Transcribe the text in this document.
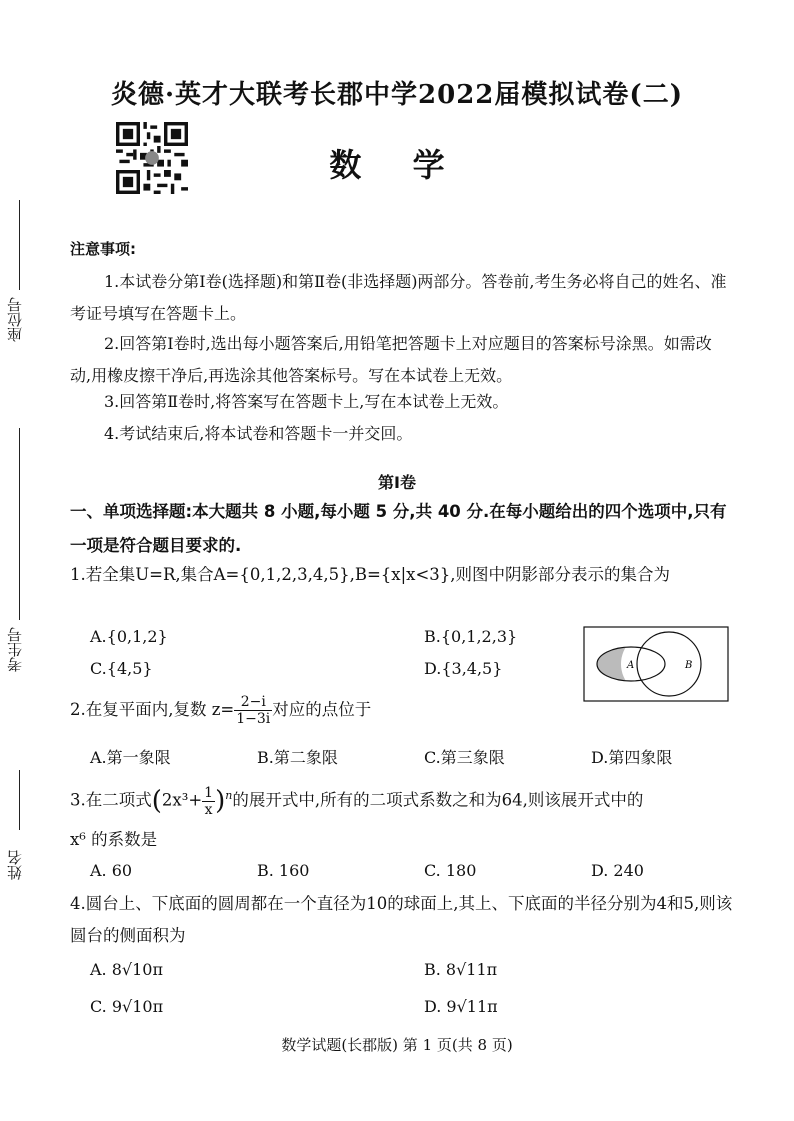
炎德·英才大联考长郡中学2022届模拟试卷(二)
数 学
座位号
考生号
姓名
注意事项:
1.本试卷分第Ⅰ卷(选择题)和第Ⅱ卷(非选择题)两部分。答卷前,考生务必将自己的姓名、准考证号填写在答题卡上。
2.回答第Ⅰ卷时,选出每小题答案后,用铅笔把答题卡上对应题目的答案标号涂黑。如需改动,用橡皮擦干净后,再选涂其他答案标号。写在本试卷上无效。
3.回答第Ⅱ卷时,将答案写在答题卡上,写在本试卷上无效。
4.考试结束后,将本试卷和答题卡一并交回。
第Ⅰ卷
一、单项选择题:本大题共 8 小题,每小题 5 分,共 40 分.在每小题给出的四个选项中,只有一项是符合题目要求的.
1.若全集U=R,集合A={0,1,2,3,4,5},B={x|x<3},则图中阴影部分表示的集合为
A.{0,1,2}	B.{0,1,2,3}
C.{4,5}	D.{3,4,5}	A	B
2.在复平面内,复数 $z= \frac{2-i}{1-3i}$ 对应的点位于
A.第一象限	B.第二象限	C.第三象限	D.第四象限
3.在二项式$(2x^3+ \frac{1}{x} )^n$的展开式中,所有的二项式系数之和为64,则该展开式中的
x⁶ 的系数是
A. 60	B. 160	C. 180	D. 240
4.圆台上、下底面的圆周都在一个直径为10的球面上,其上、下底面的半径分别为4和5,则该圆台的侧面积为
A. 8√10π	B. 8√11π
C. 9√10π	D. 9√11π
数学试题(长郡版) 第 1 页(共 8 页)
